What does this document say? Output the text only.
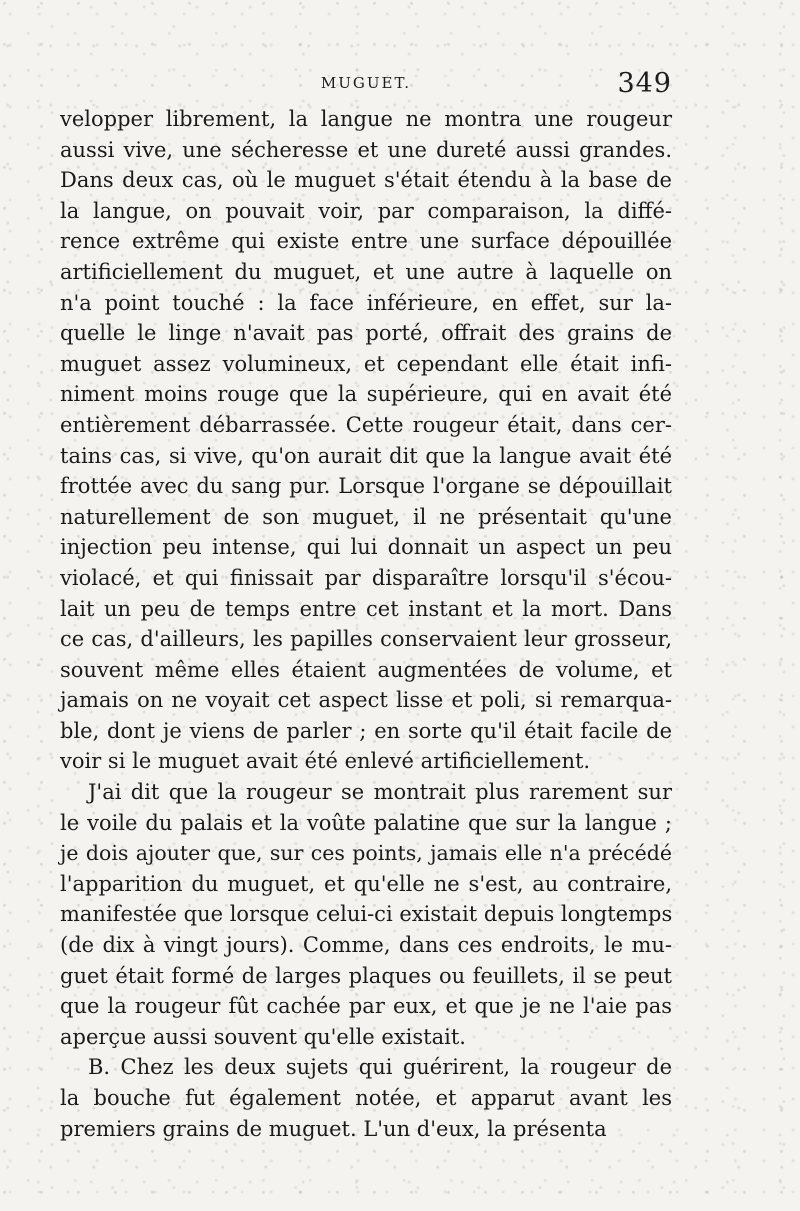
MUGUET.	349
velopper librement, la langue ne montra une rougeur
aussi vive, une sécheresse et une dureté aussi grandes.
Dans deux cas, où le muguet s'était étendu à la base de
la langue, on pouvait voir, par comparaison, la diffé-
rence extrême qui existe entre une surface dépouillée
artificiellement du muguet, et une autre à laquelle on
n'a point touché : la face inférieure, en effet, sur la-
quelle le linge n'avait pas porté, offrait des grains de
muguet assez volumineux, et cependant elle était infi-
niment moins rouge que la supérieure, qui en avait été
entièrement débarrassée. Cette rougeur était, dans cer-
tains cas, si vive, qu'on aurait dit que la langue avait été
frottée avec du sang pur. Lorsque l'organe se dépouillait
naturellement de son muguet, il ne présentait qu'une
injection peu intense, qui lui donnait un aspect un peu
violacé, et qui finissait par disparaître lorsqu'il s'écou-
lait un peu de temps entre cet instant et la mort. Dans
ce cas, d'ailleurs, les papilles conservaient leur grosseur,
souvent même elles étaient augmentées de volume, et
jamais on ne voyait cet aspect lisse et poli, si remarqua-
ble, dont je viens de parler ; en sorte qu'il était facile de
voir si le muguet avait été enlevé artificiellement.
J'ai dit que la rougeur se montrait plus rarement sur
le voile du palais et la voûte palatine que sur la langue ;
je dois ajouter que, sur ces points, jamais elle n'a précédé
l'apparition du muguet, et qu'elle ne s'est, au contraire,
manifestée que lorsque celui-ci existait depuis longtemps
(de dix à vingt jours). Comme, dans ces endroits, le mu-
guet était formé de larges plaques ou feuillets, il se peut
que la rougeur fût cachée par eux, et que je ne l'aie pas
aperçue aussi souvent qu'elle existait.
B. Chez les deux sujets qui guérirent, la rougeur de
la bouche fut également notée, et apparut avant les
premiers grains de muguet. L'un d'eux, la présenta
